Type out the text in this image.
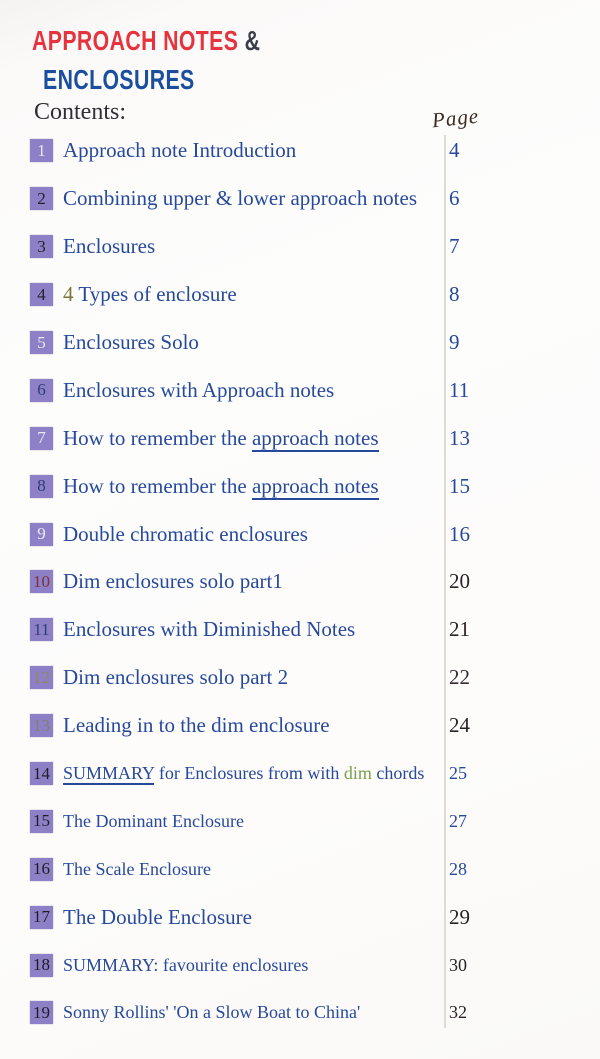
APPROACH NOTES &
ENCLOSURES
Contents:	Page
1 Approach note Introduction	4
2 Combining upper & lower approach notes 6
3 Enclosures	7
4 4 Types of enclosure	8
5 Enclosures Solo	9
6 Enclosures with Approach notes	11
7 How to remember the approach notes	13
8 How to remember the approach notes	15
9 Double chromatic enclosures	16
10 Dim enclosures solo part1	20
11 Enclosures with Diminished Notes	21
12 Dim enclosures solo part 2	22
13 Leading in to the dim enclosure	24
14 SUMMARY for Enclosures from with dim chords 25
15 The Dominant Enclosure	27
16 The Scale Enclosure	28
17 The Double Enclosure	29
18 SUMMARY: favourite enclosures	30
19 Sonny Rollins' 'On a Slow Boat to China'	32
